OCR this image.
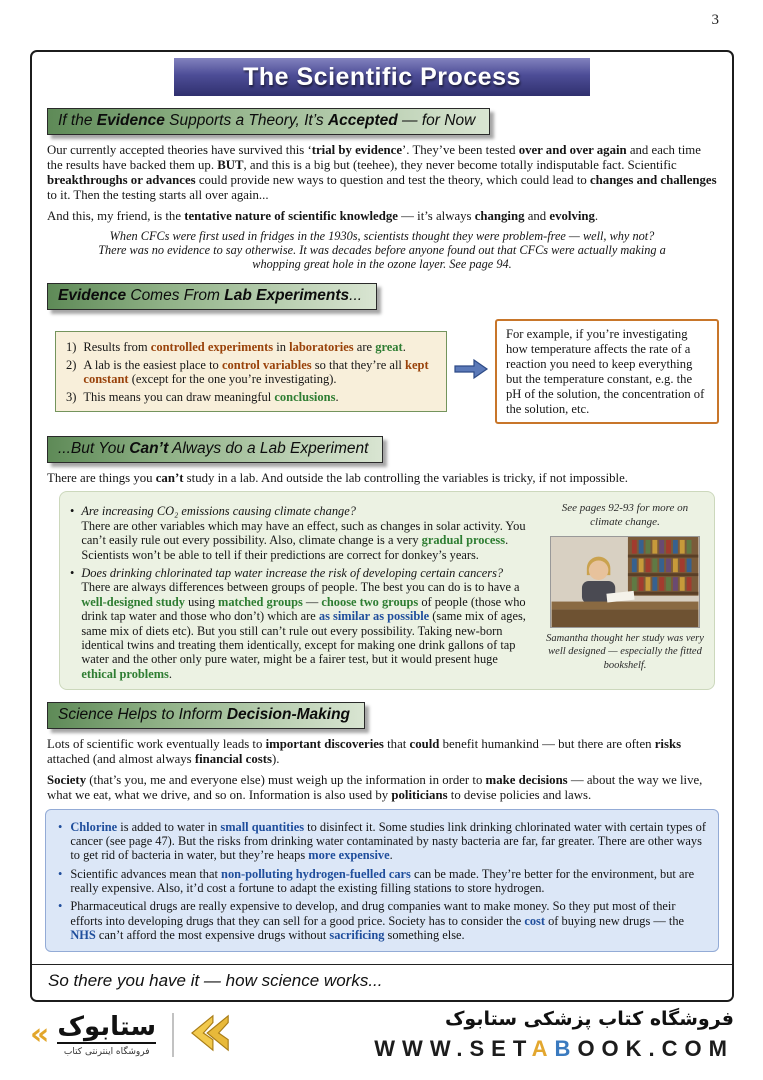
3
The Scientific Process
If the Evidence Supports a Theory, It’s Accepted — for Now

Our currently accepted theories have survived this ‘trial by evidence’. They’ve been tested over and over again and each time the results have backed them up. BUT, and this is a big but (teehee), they never become totally indisputable fact. Scientific breakthroughs or advances could provide new ways to question and test the theory, which could lead to changes and challenges to it. Then the testing starts all over again...

And this, my friend, is the tentative nature of scientific knowledge — it’s always changing and evolving.

When CFCs were first used in fridges in the 1930s, scientists thought they were problem-free — well, why not? There was no evidence to say otherwise. It was decades before anyone found out that CFCs were actually making a whopping great hole in the ozone layer. See page 94.

Evidence Comes From Lab Experiments...
1) Results from controlled experiments in laboratories are great.
2) A lab is the easiest place to control variables so that they’re all kept constant (except for the one you’re investigating).
3) This means you can draw meaningful conclusions.
For example, if you’re investigating how temperature affects the rate of a reaction you need to keep everything but the temperature constant, e.g. the pH of the solution, the concentration of the solution, etc.
...But You Can’t Always do a Lab Experiment

There are things you can’t study in a lab. And outside the lab controlling the variables is tricky, if not impossible.

• Are increasing CO₂ emissions causing climate change?
There are other variables which may have an effect, such as changes in solar activity. You can’t easily rule out every possibility. Also, climate change is a very gradual process. Scientists won’t be able to tell if their predictions are correct for donkey’s years.
• Does drinking chlorinated tap water increase the risk of developing certain cancers?
There are always differences between groups of people. The best you can do is to have a well-designed study using matched groups — choose two groups of people (those who drink tap water and those who don’t) which are as similar as possible (same mix of ages, same mix of diets etc). But you still can’t rule out every possibility. Taking new-born identical twins and treating them identically, except for making one drink gallons of tap water and the other only pure water, might be a fairer test, but it would present huge ethical problems.
See pages 92-93 for more on climate change.
Samantha thought her study was very well designed — especially the fitted bookshelf.
Science Helps to Inform Decision-Making

Lots of scientific work eventually leads to important discoveries that could benefit humankind — but there are often risks attached (and almost always financial costs).

Society (that’s you, me and everyone else) must weigh up the information in order to make decisions — about the way we live, what we eat, what we drive, and so on. Information is also used by politicians to devise policies and laws.

• Chlorine is added to water in small quantities to disinfect it. Some studies link drinking chlorinated water with certain types of cancer (see page 47). But the risks from drinking water contaminated by nasty bacteria are far, far greater. There are other ways to get rid of bacteria in water, but they’re heaps more expensive.
• Scientific advances mean that non-polluting hydrogen-fuelled cars can be made. They’re better for the environment, but are really expensive. Also, it’d cost a fortune to adapt the existing filling stations to store hydrogen.
• Pharmaceutical drugs are really expensive to develop, and drug companies want to make money. So they put most of their efforts into developing drugs that they can sell for a good price. Society has to consider the cost of buying new drugs — the NHS can’t afford the most expensive drugs without sacrificing something else.
So there you have it — how science works...
« ستابوک
فروشگاه اینترنتی کتاب
فروشگاه کتاب پزشکی ستابوک
WWW.SETABOOK.COM
